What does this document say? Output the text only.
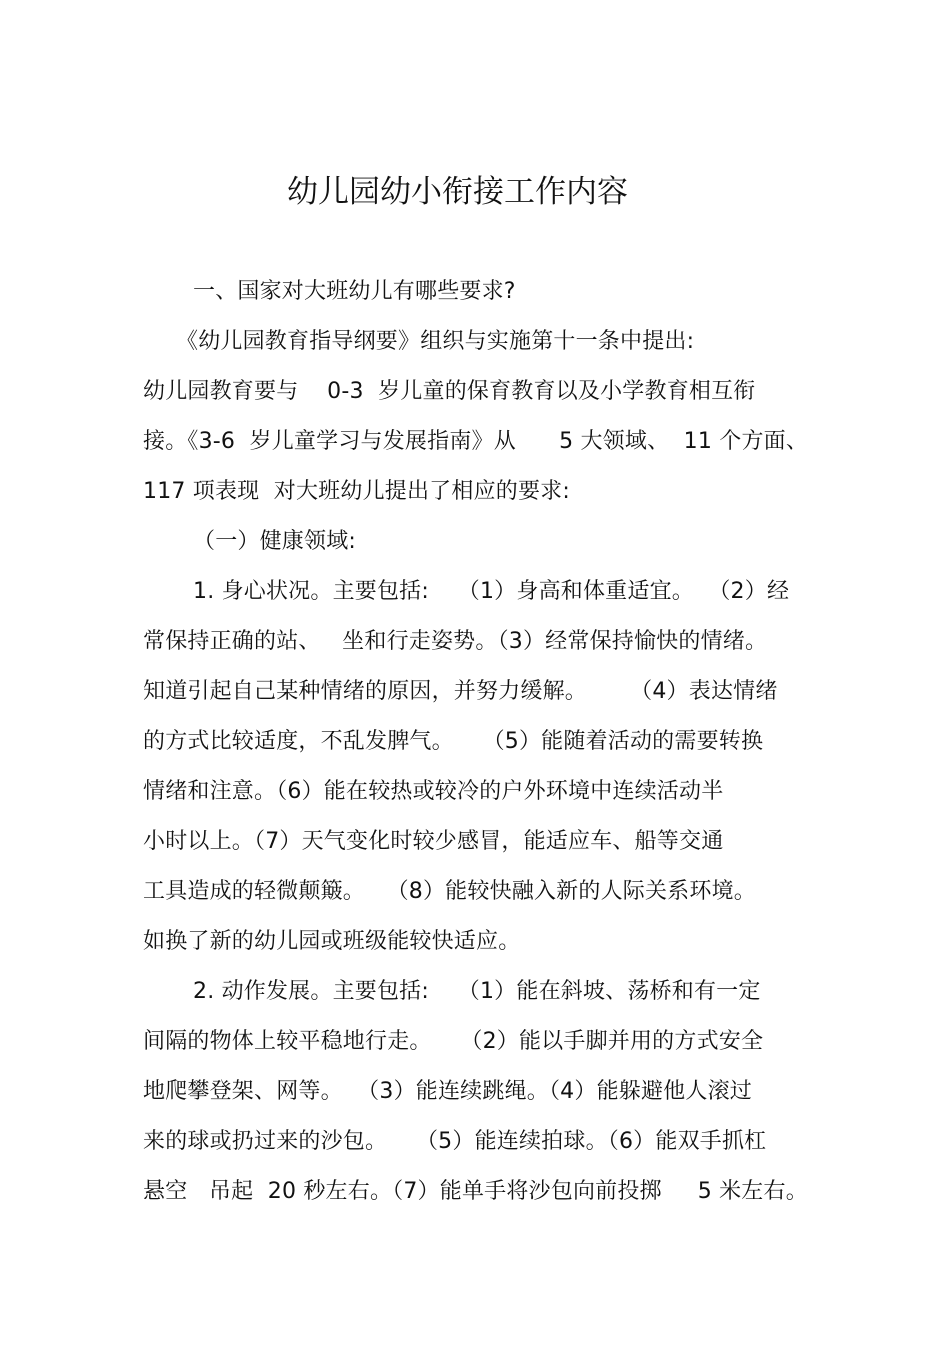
幼儿园幼小衔接工作内容
一、国家对大班幼儿有哪些要求?
《幼儿园教育指导纲要》组织与实施第十一条中提出:
幼儿园教育要与    0-3  岁儿童的保育教育以及小学教育相互衔
接。《3-6  岁儿童学习与发展指南》从      5 大领域、  11 个方面、
117 项表现  对大班幼儿提出了相应的要求:
（一）健康领域:
1. 身心状况。主要包括:    （1）身高和体重适宜。  （2）经
常保持正确的站、   坐和行走姿势。（3）经常保持愉快的情绪。
知道引起自己某种情绪的原因，并努力缓解。      （4）表达情绪
的方式比较适度，不乱发脾气。    （5）能随着活动的需要转换
情绪和注意。（6）能在较热或较冷的户外环境中连续活动半
小时以上。（7）天气变化时较少感冒，能适应车、船等交通
工具造成的轻微颠簸。   （8）能较快融入新的人际关系环境。
如换了新的幼儿园或班级能较快适应。
2. 动作发展。主要包括:    （1）能在斜坡、荡桥和有一定
间隔的物体上较平稳地行走。    （2）能以手脚并用的方式安全
地爬攀登架、网等。  （3）能连续跳绳。（4）能躲避他人滚过
来的球或扔过来的沙包。    （5）能连续拍球。（6）能双手抓杠
悬空   吊起  20 秒左右。（7）能单手将沙包向前投掷     5 米左右。
